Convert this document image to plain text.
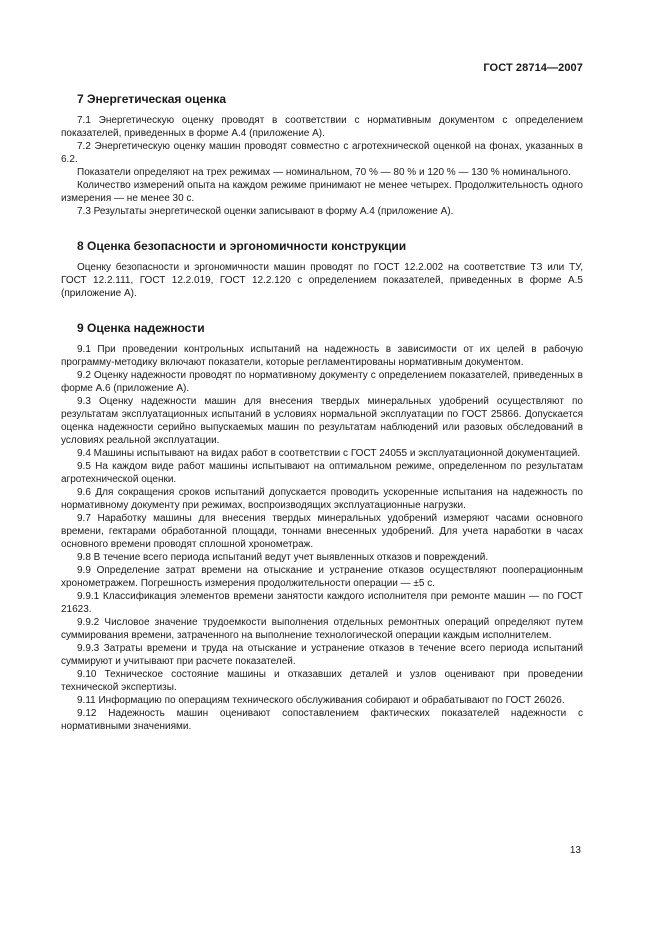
ГОСТ 28714—2007
7 Энергетическая оценка

7.1 Энергетическую оценку проводят в соответствии с нормативным документом с определением показателей, приведенных в форме А.4 (приложение А).

7.2 Энергетическую оценку машин проводят совместно с агротехнической оценкой на фонах, указанных в 6.2.

Показатели определяют на трех режимах — номинальном, 70 % — 80 % и 120 % — 130 % номинального.

Количество измерений опыта на каждом режиме принимают не менее четырех. Продолжительность одного измерения — не менее 30 с.

7.3 Результаты энергетической оценки записывают в форму А.4 (приложение А).

8 Оценка безопасности и эргономичности конструкции

Оценку безопасности и эргономичности машин проводят по ГОСТ 12.2.002 на соответствие ТЗ или ТУ, ГОСТ 12.2.111, ГОСТ 12.2.019, ГОСТ 12.2.120 с определением показателей, приведенных в форме А.5 (приложение А).

9 Оценка надежности

9.1 При проведении контрольных испытаний на надежность в зависимости от их целей в рабочую программу-методику включают показатели, которые регламентированы нормативным документом.

9.2 Оценку надежности проводят по нормативному документу с определением показателей, приведенных в форме А.6 (приложение А).

9.3 Оценку надежности машин для внесения твердых минеральных удобрений осуществляют по результатам эксплуатационных испытаний в условиях нормальной эксплуатации по ГОСТ 25866. Допускается оценка надежности серийно выпускаемых машин по результатам наблюдений или разовых обследований в условиях реальной эксплуатации.

9.4 Машины испытывают на видах работ в соответствии с ГОСТ 24055 и эксплуатационной документацией.

9.5 На каждом виде работ машины испытывают на оптимальном режиме, определенном по результатам агротехнической оценки.

9.6 Для сокращения сроков испытаний допускается проводить ускоренные испытания на надежность по нормативному документу при режимах, воспроизводящих эксплуатационные нагрузки.

9.7 Наработку машины для внесения твердых минеральных удобрений измеряют часами основного времени, гектарами обработанной площади, тоннами внесенных удобрений. Для учета наработки в часах основного времени проводят сплошной хронометраж.

9.8 В течение всего периода испытаний ведут учет выявленных отказов и повреждений.

9.9 Определение затрат времени на отыскание и устранение отказов осуществляют пооперационным хронометражем. Погрешность измерения продолжительности операции — ±5 с.

9.9.1 Классификация элементов времени занятости каждого исполнителя при ремонте машин — по ГОСТ 21623.

9.9.2 Числовое значение трудоемкости выполнения отдельных ремонтных операций определяют путем суммирования времени, затраченного на выполнение технологической операции каждым исполнителем.

9.9.3 Затраты времени и труда на отыскание и устранение отказов в течение всего периода испытаний суммируют и учитывают при расчете показателей.

9.10 Техническое состояние машины и отказавших деталей и узлов оценивают при проведении технической экспертизы.

9.11 Информацию по операциям технического обслуживания собирают и обрабатывают по ГОСТ 26026.

9.12 Надежность машин оценивают сопоставлением фактических показателей надежности с нормативными значениями.

13
